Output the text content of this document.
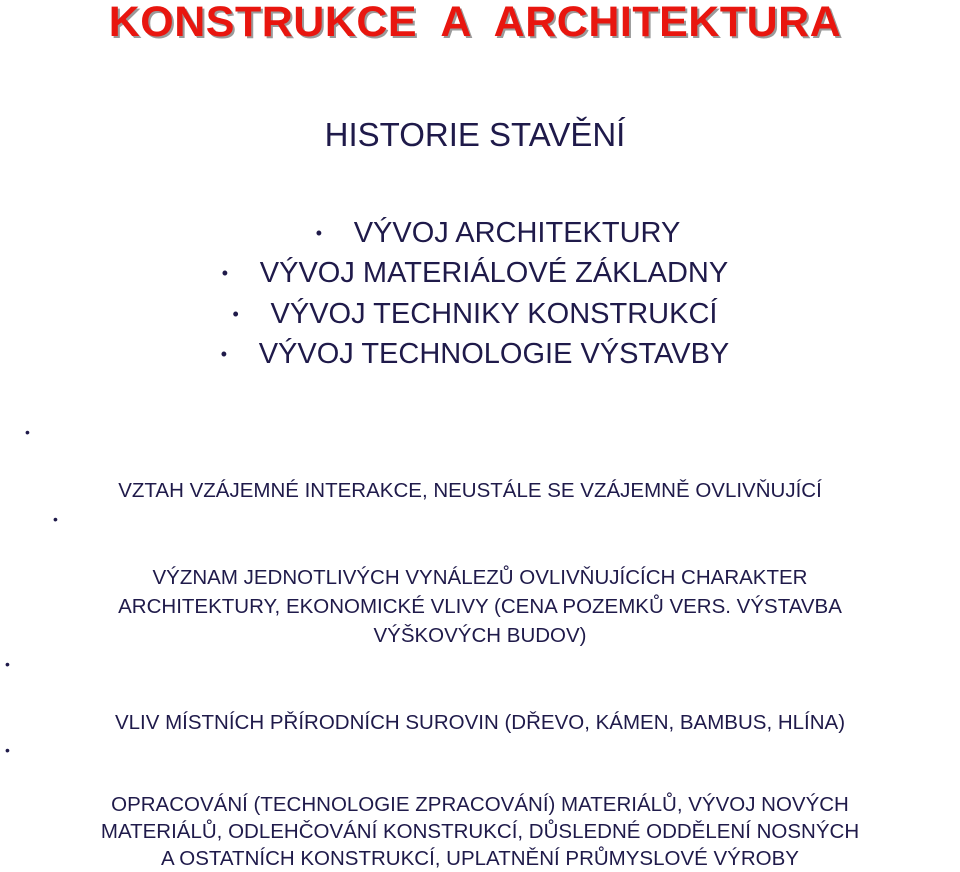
KONSTRUKCE  A  ARCHITEKTURA
HISTORIE STAVĚNÍ
•	VÝVOJ ARCHITEKTURY
•	VÝVOJ MATERIÁLOVÉ ZÁKLADNY
•	VÝVOJ TECHNIKY KONSTRUKCÍ
•	VÝVOJ TECHNOLOGIE VÝSTAVBY

•

VZTAH VZÁJEMNÉ INTERAKCE, NEUSTÁLE SE VZÁJEMNĚ OVLIVŇUJÍCÍ

•

VÝZNAM JEDNOTLIVÝCH VYNÁLEZŮ OVLIVŇUJÍCÍCH CHARAKTER
ARCHITEKTURY, EKONOMICKÉ VLIVY (CENA POZEMKŮ VERS. VÝSTAVBA
VÝŠKOVÝCH BUDOV)

•

VLIV MÍSTNÍCH PŘÍRODNÍCH SUROVIN (DŘEVO, KÁMEN, BAMBUS, HLÍNA)

•

OPRACOVÁNÍ (TECHNOLOGIE ZPRACOVÁNÍ) MATERIÁLŮ, VÝVOJ NOVÝCH
MATERIÁLŮ, ODLEHČOVÁNÍ KONSTRUKCÍ, DŮSLEDNÉ ODDĚLENÍ NOSNÝCH
A OSTATNÍCH KONSTRUKCÍ, UPLATNĚNÍ PRŮMYSLOVÉ VÝROBY
